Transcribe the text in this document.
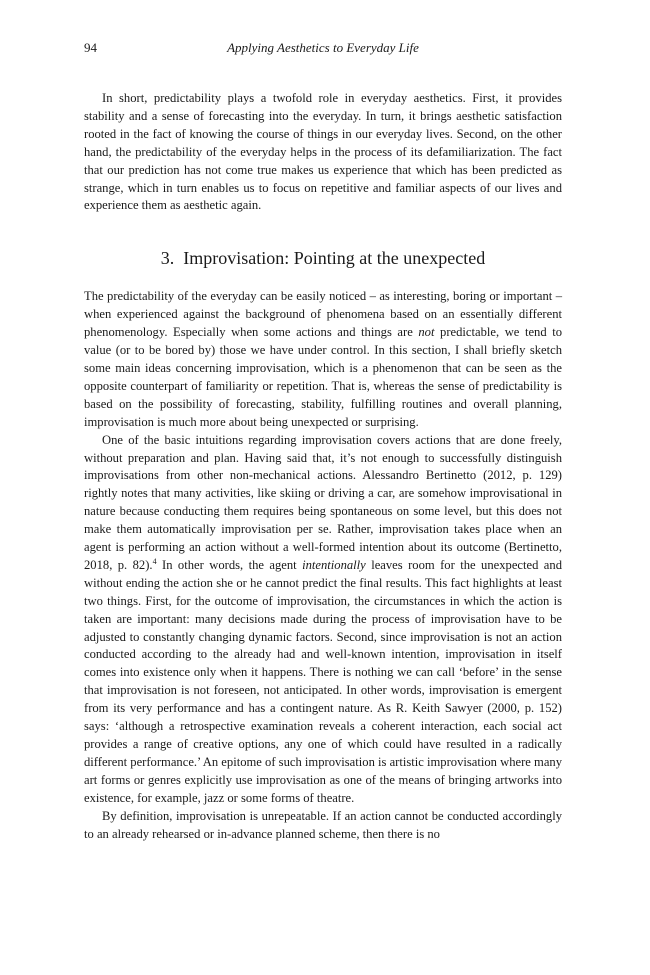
94	Applying Aesthetics to Everyday Life

In short, predictability plays a twofold role in everyday aesthetics. First, it provides stability and a sense of forecasting into the everyday. In turn, it brings aesthetic satisfaction rooted in the fact of knowing the course of things in our everyday lives. Second, on the other hand, the predictability of the everyday helps in the process of its defamiliarization. The fact that our prediction has not come true makes us experience that which has been predicted as strange, which in turn enables us to focus on repetitive and familiar aspects of our lives and experience them as aesthetic again.

3. Improvisation: Pointing at the unexpected

The predictability of the everyday can be easily noticed – as interesting, boring or important – when experienced against the background of phenomena based on an essentially different phenomenology. Especially when some actions and things are not predictable, we tend to value (or to be bored by) those we have under control. In this section, I shall briefly sketch some main ideas concerning improvisation, which is a phenomenon that can be seen as the opposite counterpart of familiarity or repetition. That is, whereas the sense of predictability is based on the possibility of forecasting, stability, fulfilling routines and overall planning, improvisation is much more about being unexpected or surprising.

One of the basic intuitions regarding improvisation covers actions that are done freely, without preparation and plan. Having said that, it’s not enough to successfully distinguish improvisations from other non-mechanical actions. Alessandro Bertinetto (2012, p. 129) rightly notes that many activities, like skiing or driving a car, are somehow improvisational in nature because conducting them requires being spontaneous on some level, but this does not make them automatically improvisation per se. Rather, improvisation takes place when an agent is performing an action without a well-formed intention about its outcome (Bertinetto, 2018, p. 82).$^4$ In other words, the agent intentionally leaves room for the unexpected and without ending the action she or he cannot predict the final results. This fact highlights at least two things. First, for the outcome of improvisation, the circumstances in which the action is taken are important: many decisions made during the process of improvisation have to be adjusted to constantly changing dynamic factors. Second, since improvisation is not an action conducted according to the already had and well-known intention, improvisation in itself comes into existence only when it happens. There is nothing we can call ‘before’ in the sense that improvisation is not foreseen, not anticipated. In other words, improvisation is emergent from its very performance and has a contingent nature. As R. Keith Sawyer (2000, p. 152) says: ‘although a retrospective examination reveals a coherent interaction, each social act provides a range of creative options, any one of which could have resulted in a radically different performance.’ An epitome of such improvisation is artistic improvisation where many art forms or genres explicitly use improvisation as one of the means of bringing artworks into existence, for example, jazz or some forms of theatre.

By definition, improvisation is unrepeatable. If an action cannot be conducted accordingly to an already rehearsed or in-advance planned scheme, then there is no
